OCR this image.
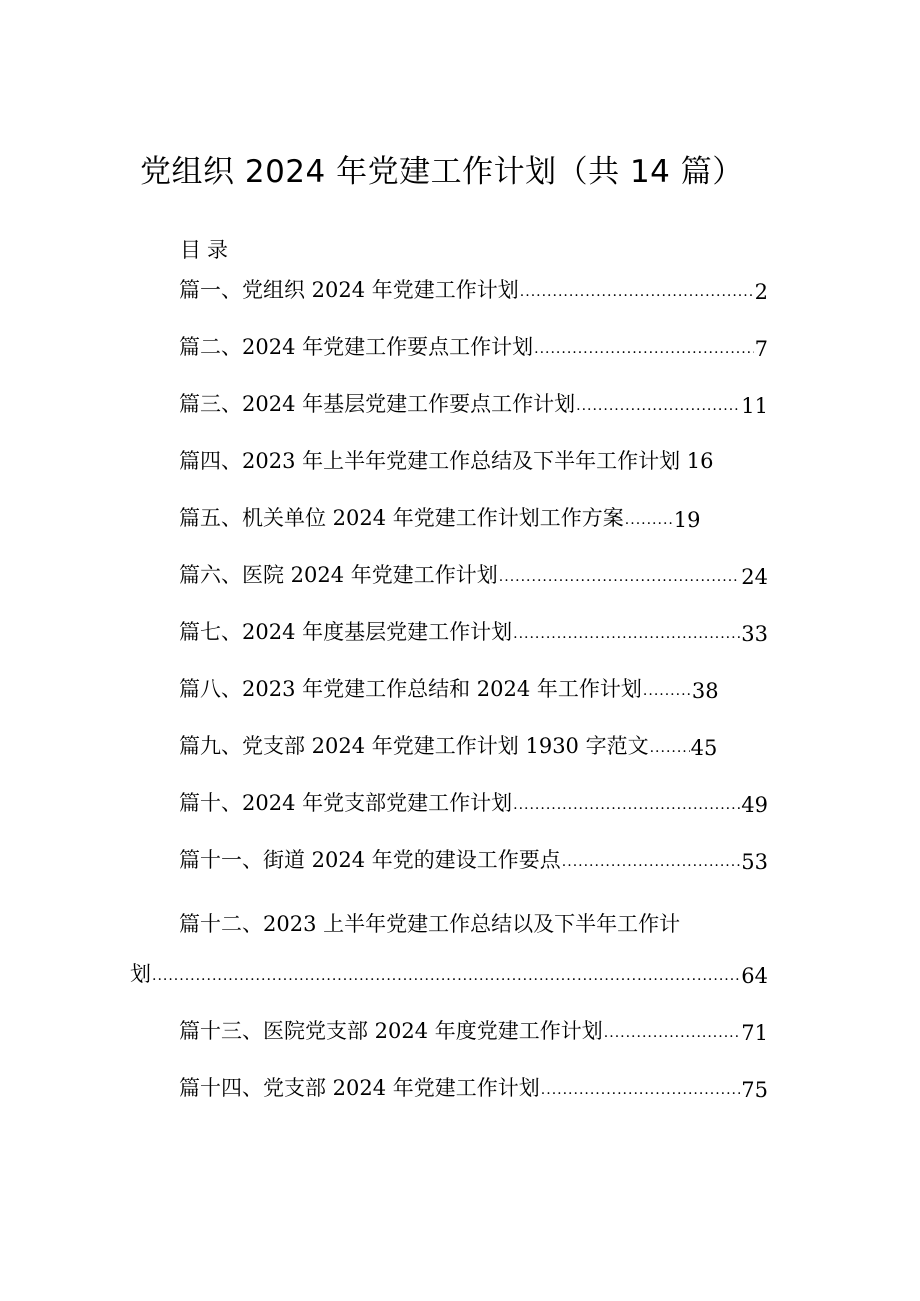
党组织 2024 年党建工作计划（共 14 篇）
目录
篇一、党组织 2024 年党建工作计划 .....	2
篇二、2024 年党建工作要点工作计划 .....	7
篇三、2024 年基层党建工作要点工作计划 .....	11
篇四、2023 年上半年党建工作总结及下半年工作计划 16
篇五、机关单位 2024 年党建工作计划工作方案 ..... 19
篇六、医院 2024 年党建工作计划 .....	24
篇七、2024 年度基层党建工作计划 .....	33
篇八、2023 年党建工作总结和 2024 年工作计划 ..... 38
篇九、党支部 2024 年党建工作计划 1930 字范文 ..... 45
篇十、2024 年党支部党建工作计划 .....	49
篇十一、街道 2024 年党的建设工作要点 .....	53
篇十二、2023 上半年党建工作总结以及下半年工作计
划 .....	64
篇十三、医院党支部 2024 年度党建工作计划 .....	71
篇十四、党支部 2024 年党建工作计划 .....	75
